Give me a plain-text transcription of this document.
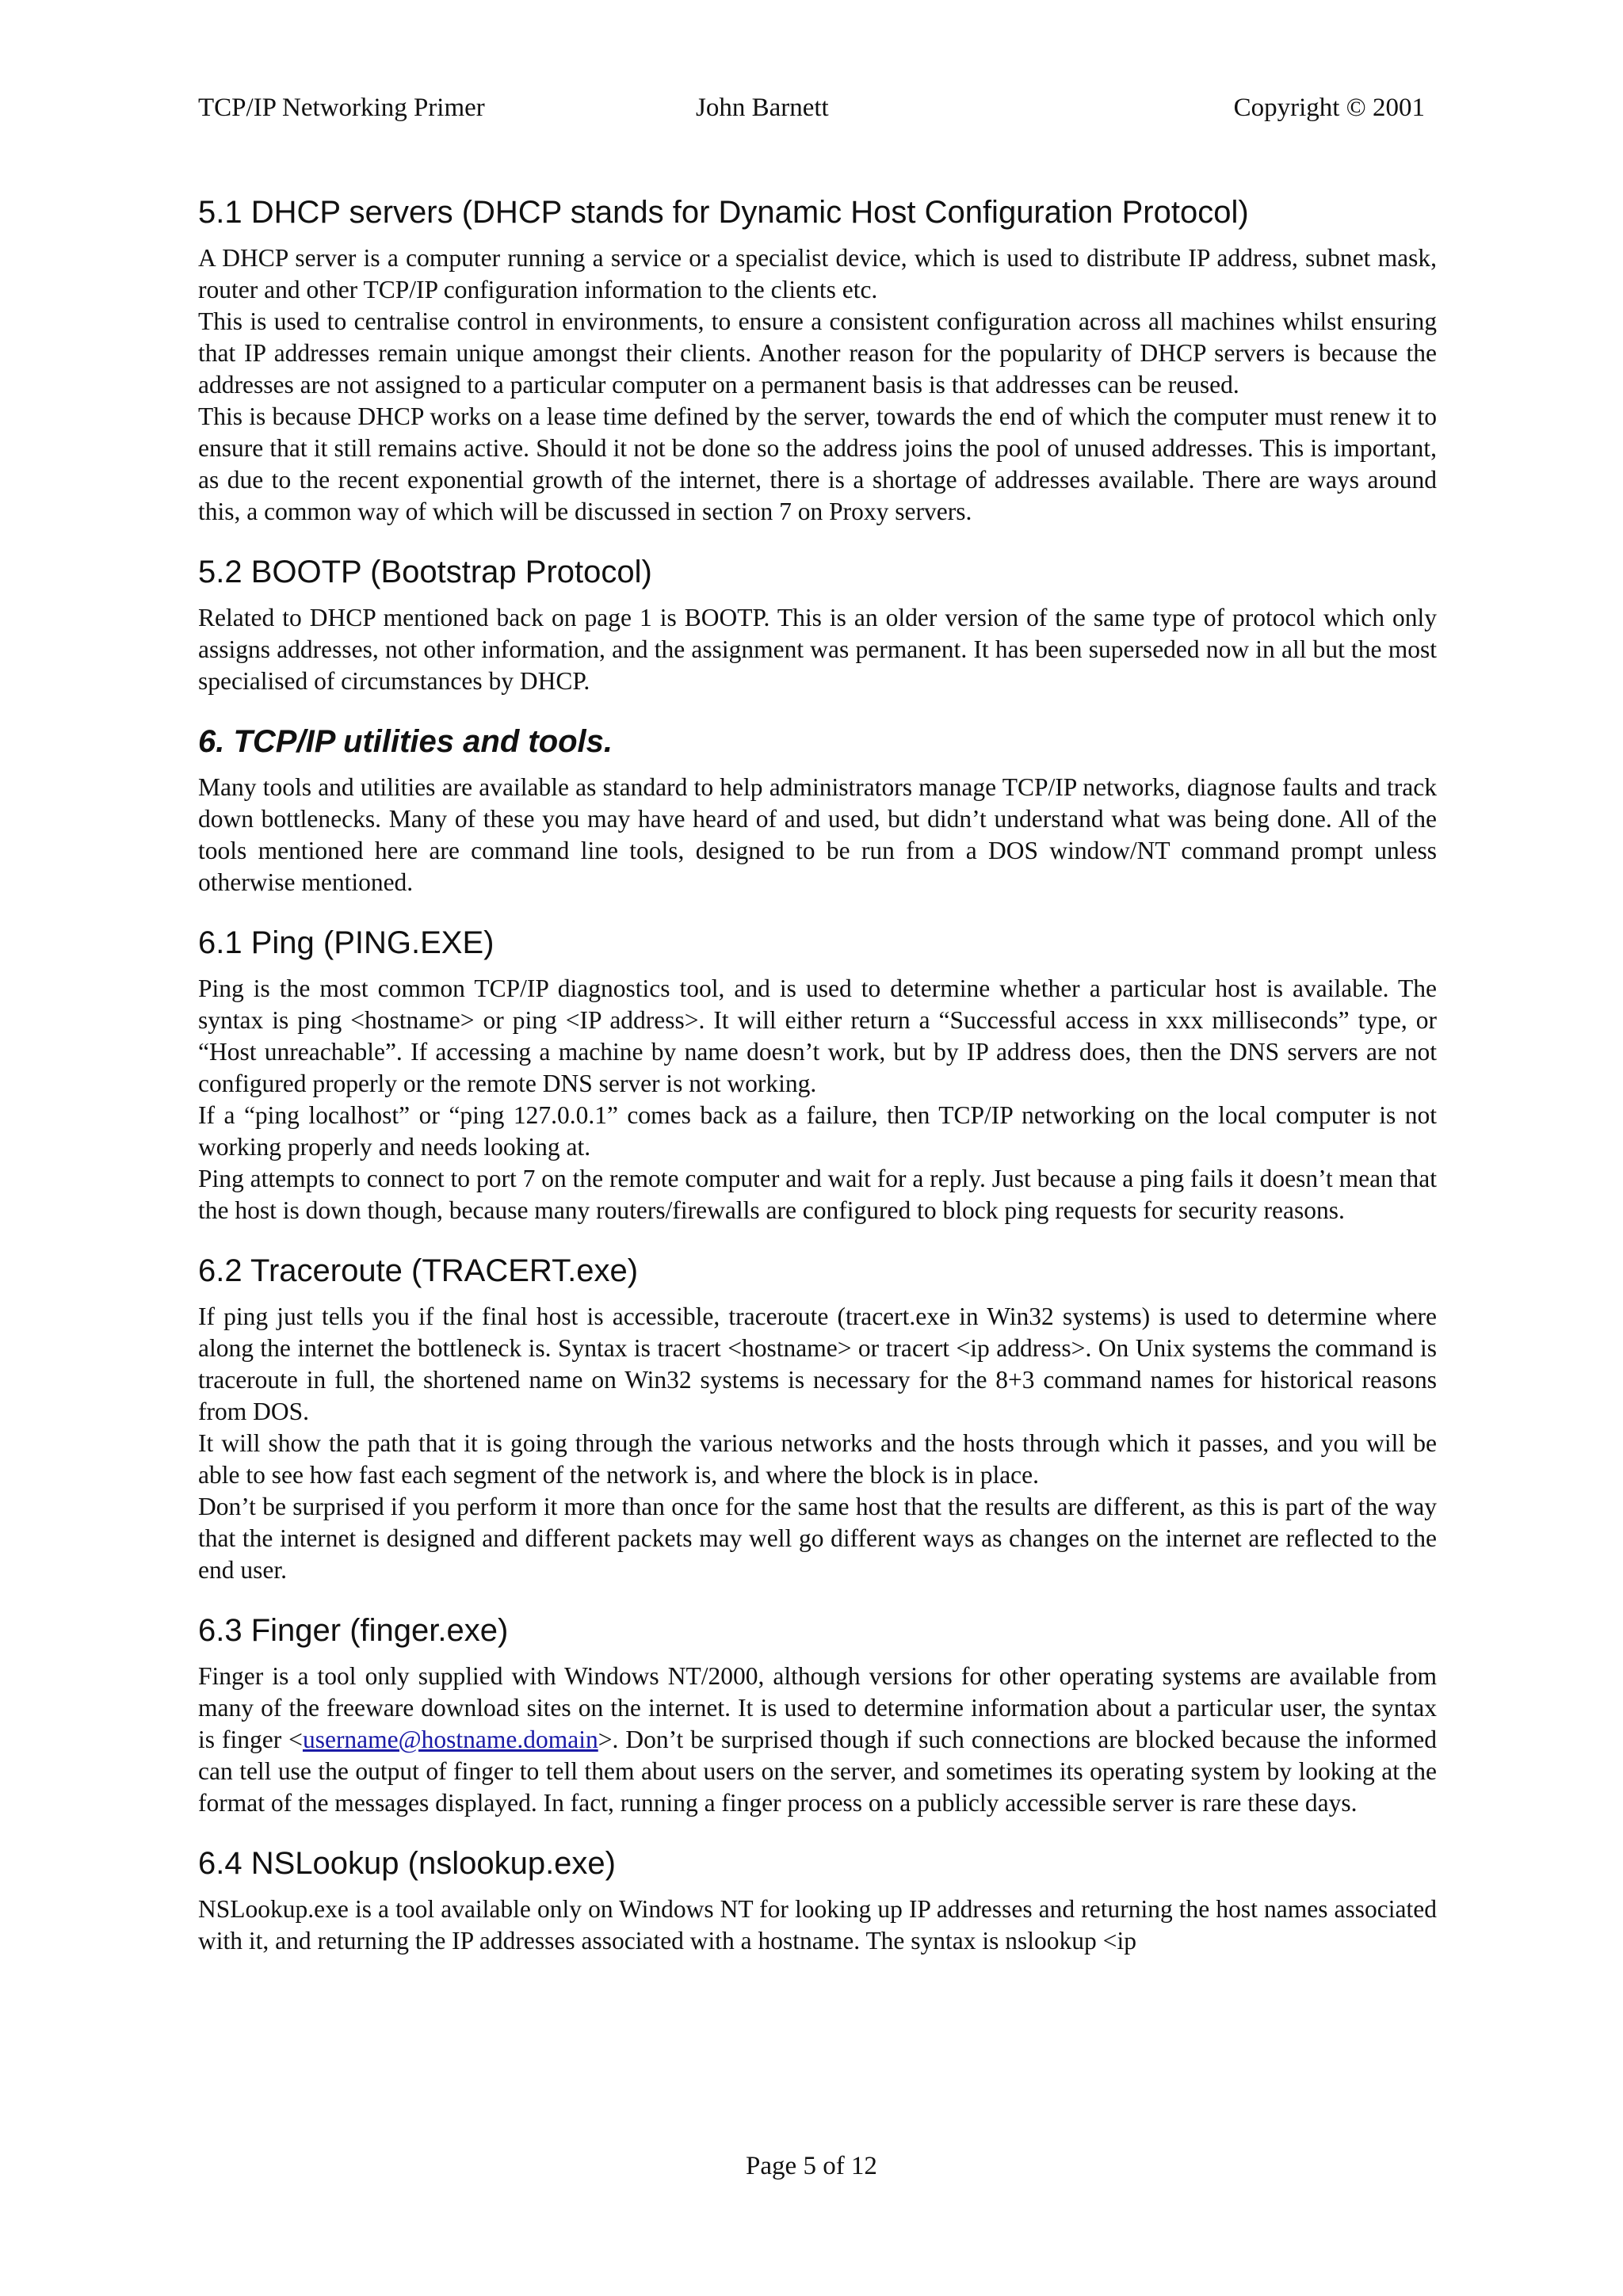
TCP/IP Networking Primer	John Barnett	Copyright © 2001
5.1 DHCP servers (DHCP stands for Dynamic Host Configuration Protocol)

A DHCP server is a computer running a service or a specialist device, which is used to distribute IP address, subnet mask, router and other TCP/IP configuration information to the clients etc.

This is used to centralise control in environments, to ensure a consistent configuration across all machines whilst ensuring that IP addresses remain unique amongst their clients. Another reason for the popularity of DHCP servers is because the addresses are not assigned to a particular computer on a permanent basis is that addresses can be reused.

This is because DHCP works on a lease time defined by the server, towards the end of which the computer must renew it to ensure that it still remains active. Should it not be done so the address joins the pool of unused addresses. This is important, as due to the recent exponential growth of the internet, there is a shortage of addresses available. There are ways around this, a common way of which will be discussed in section 7 on Proxy servers.

5.2 BOOTP (Bootstrap Protocol)

Related to DHCP mentioned back on page 1 is BOOTP. This is an older version of the same type of protocol which only assigns addresses, not other information, and the assignment was permanent. It has been superseded now in all but the most specialised of circumstances by DHCP.

6. TCP/IP utilities and tools.

Many tools and utilities are available as standard to help administrators manage TCP/IP networks, diagnose faults and track down bottlenecks. Many of these you may have heard of and used, but didn’t understand what was being done. All of the tools mentioned here are command line tools, designed to be run from a DOS window/NT command prompt unless otherwise mentioned.

6.1 Ping (PING.EXE)

Ping is the most common TCP/IP diagnostics tool, and is used to determine whether a particular host is available. The syntax is ping <hostname> or ping <IP address>. It will either return a “Successful access in xxx milliseconds” type, or “Host unreachable”. If accessing a machine by name doesn’t work, but by IP address does, then the DNS servers are not configured properly or the remote DNS server is not working.

If a “ping localhost” or “ping 127.0.0.1” comes back as a failure, then TCP/IP networking on the local computer is not working properly and needs looking at.

Ping attempts to connect to port 7 on the remote computer and wait for a reply. Just because a ping fails it doesn’t mean that the host is down though, because many routers/firewalls are configured to block ping requests for security reasons.

6.2 Traceroute (TRACERT.exe)

If ping just tells you if the final host is accessible, traceroute (tracert.exe in Win32 systems) is used to determine where along the internet the bottleneck is. Syntax is tracert <hostname> or tracert <ip address>. On Unix systems the command is traceroute in full, the shortened name on Win32 systems is necessary for the 8+3 command names for historical reasons from DOS.

It will show the path that it is going through the various networks and the hosts through which it passes, and you will be able to see how fast each segment of the network is, and where the block is in place.

Don’t be surprised if you perform it more than once for the same host that the results are different, as this is part of the way that the internet is designed and different packets may well go different ways as changes on the internet are reflected to the end user.

6.3 Finger (finger.exe)

Finger is a tool only supplied with Windows NT/2000, although versions for other operating systems are available from many of the freeware download sites on the internet. It is used to determine information about a particular user, the syntax is finger <username@hostname.domain>. Don’t be surprised though if such connections are blocked because the informed can tell use the output of finger to tell them about users on the server, and sometimes its operating system by looking at the format of the messages displayed. In fact, running a finger process on a publicly accessible server is rare these days.

6.4 NSLookup (nslookup.exe)

NSLookup.exe is a tool available only on Windows NT for looking up IP addresses and returning the host names associated with it, and returning the IP addresses associated with a hostname. The syntax is nslookup <ip

Page 5 of 12
